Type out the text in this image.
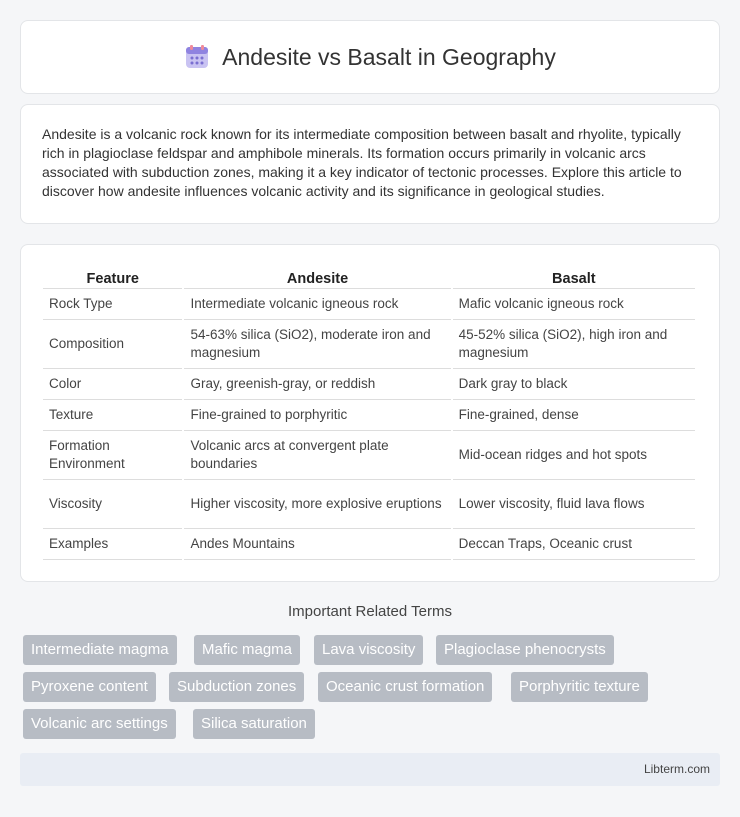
Andesite vs Basalt in Geography

Andesite is a volcanic rock known for its intermediate composition between basalt and rhyolite, typically rich in plagioclase feldspar and amphibole minerals. Its formation occurs primarily in volcanic arcs associated with subduction zones, making it a key indicator of tectonic processes. Explore this article to discover how andesite influences volcanic activity and its significance in geological studies.

Feature	Andesite	Basalt
Rock Type	Intermediate volcanic igneous rock	Mafic volcanic igneous rock
Composition	54-63% silica (SiO2), moderate iron and magnesium	45-52% silica (SiO2), high iron and magnesium
Color	Gray, greenish-gray, or reddish	Dark gray to black
Texture	Fine-grained to porphyritic	Fine-grained, dense
Formation Environment	Volcanic arcs at convergent plate boundaries	Mid-ocean ridges and hot spots
Viscosity	Higher viscosity, more explosive eruptions	Lower viscosity, fluid lava flows
Examples	Andes Mountains	Deccan Traps, Oceanic crust
Important Related Terms
Intermediate magma	Mafic magma	Lava viscosity	Plagioclase phenocrysts
Pyroxene content	Subduction zones	Oceanic crust formation	Porphyritic texture
Volcanic arc settings	Silica saturation
Libterm.com
